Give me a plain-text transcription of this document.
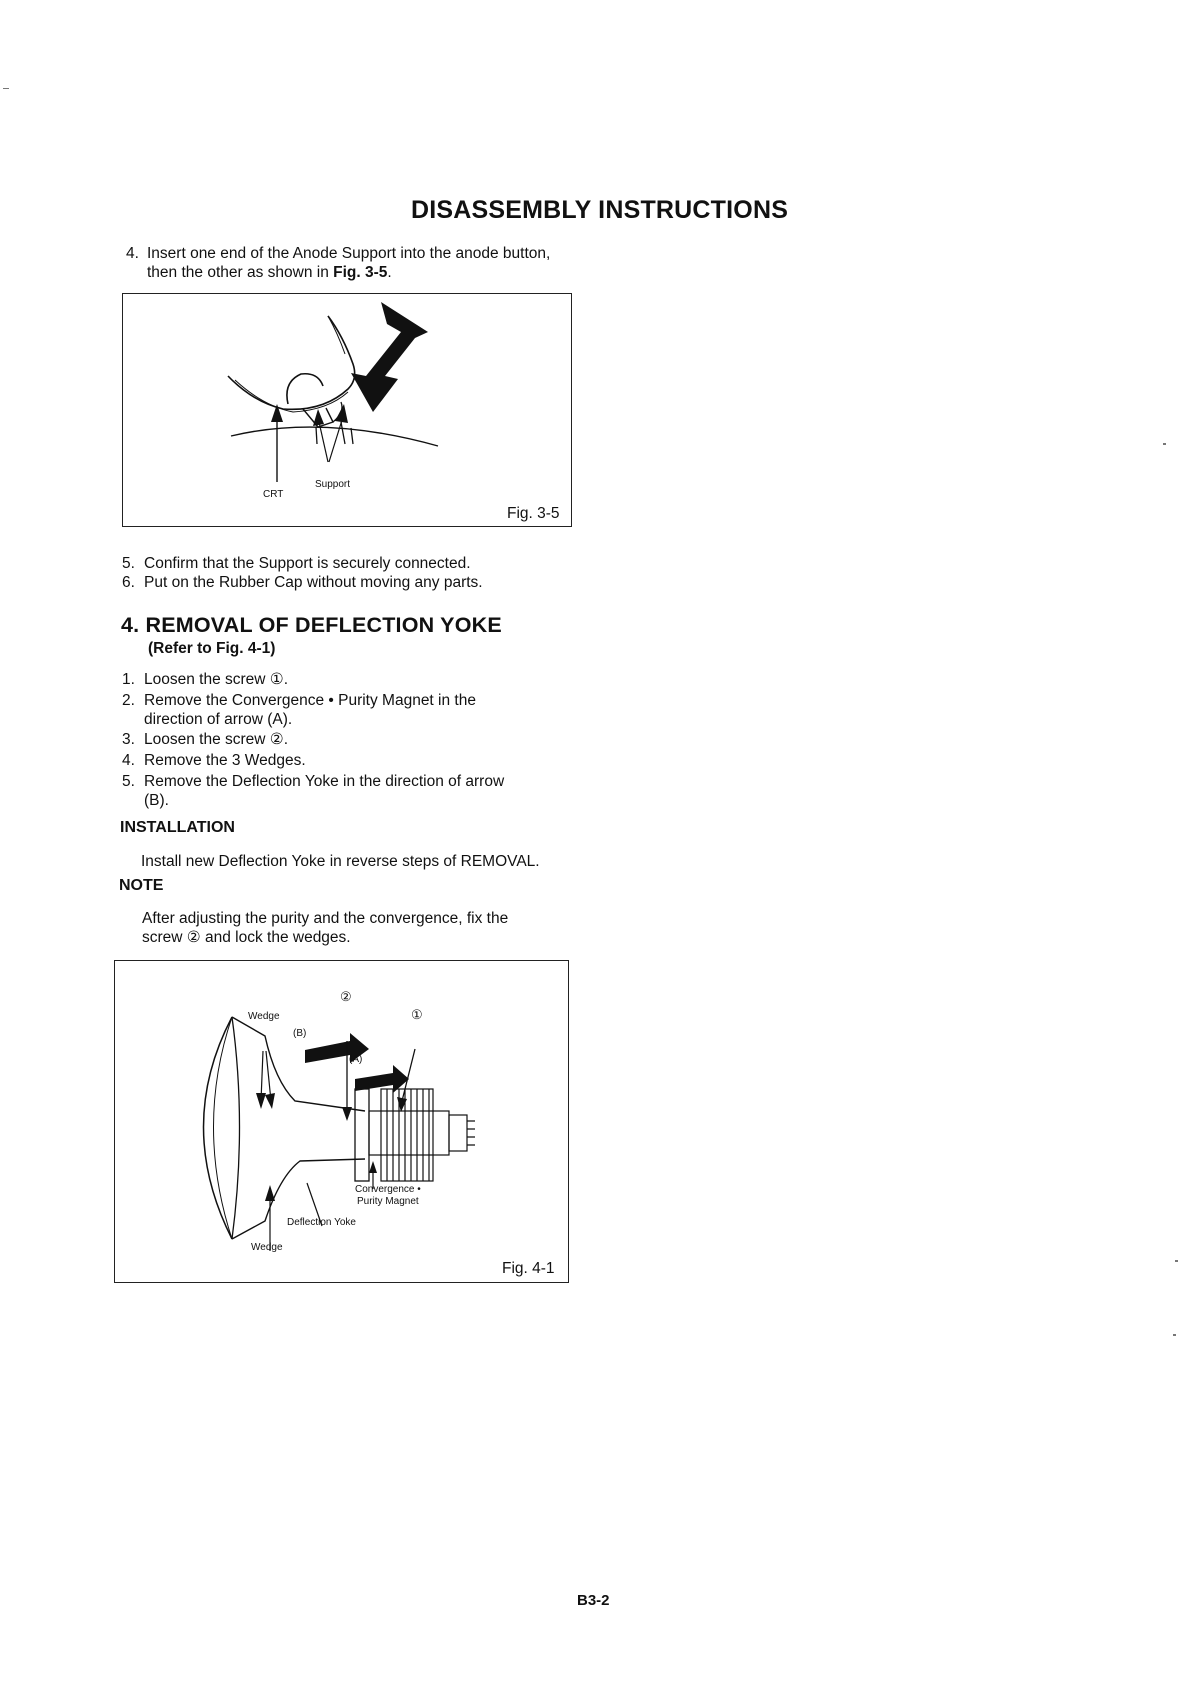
DISASSEMBLY INSTRUCTIONS
4. Insert one end of the Anode Support into the anode button,
then the other as shown in Fig. 3-5.
CRT
Support
Fig. 3-5
5. Confirm that the Support is securely connected.
6. Put on the Rubber Cap without moving any parts.
4. REMOVAL OF DEFLECTION YOKE
(Refer to Fig. 4-1)
1. Loosen the screw ①.
2. Remove the Convergence • Purity Magnet in the
direction of arrow (A).
3. Loosen the screw ②.
4. Remove the 3 Wedges.
5. Remove the Deflection Yoke in the direction of arrow
(B).
INSTALLATION
Install new Deflection Yoke in reverse steps of REMOVAL.
NOTE
After adjusting the purity and the convergence, fix the
screw ② and lock the wedges.
Wedge
(B)
(A)
②
①
Convergence •
Purity Magnet
Deflection Yoke
Wedge
Fig. 4-1
B3-2
